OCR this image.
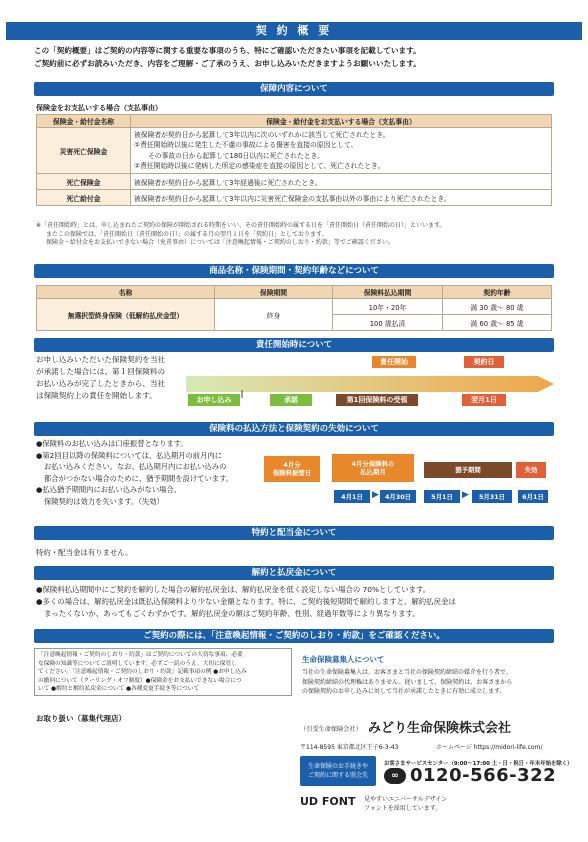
契 約 概 要
この「契約概要」はご契約の内容等に関する重要な事項のうち、特にご確認いただきたい事項を記載しています。
ご契約前に必ずお読みいただき、内容をご理解・ご了承のうえ、お申し込みいただきますようお願いいたします。
保障内容について
保険金をお支払いする場合（支払事由）
保険金・給付金名称	保険金・給付金をお支払いする場合（支払事由）
災害死亡保険金	被保険者が契約日から起算して3年以内に次のいずれかに該当して死亡されたとき。
①責任開始時以後に発生した不慮の事故による傷害を直接の原因として、
その事故の日から起算して180日以内に死亡されたとき。
②責任開始時以後に発病した所定の感染症を直接の原因として、死亡されたとき。

死亡保険金	被保険者が契約日から起算して3年経過後に死亡されたとき。
死亡給付金	被保険者が契約日から起算して3年以内に災害死亡保険金の支払事由以外の事由により死亡されたとき。
※「責任開始時」とは、申し込まれたご契約の保障が開始される時期をいい、その責任開始時の属する日を「責任開始日（責任開始の日）」といいます。
またこの保険では、「責任開始日（責任開始の日）」の属する月の翌月１日を「契約日」としております。
保険金・給付金をお支払いできない場合（免責事由）については「注意喚起情報・ご契約のしおり・約款」等でご確認ください。
商品名称・保険期間・契約年齢などについて
名称	保険期間	保険料払込期間	契約年齢
無選択型終身保険（低解約払戻金型）	終身	10年・20年	満 30 歳〜 80 歳
		100 歳払済	満 60 歳〜 85 歳
責任開始時について
お申し込みいただいた保険契約を当社
が承諾した場合には、第１回保険料の
お払い込みが完了したときから、当社
は保険契約上の責任を開始します。	お申し込み	承諾	第1回保険料の受領
責任開始	契約日
翌月1日
保険料の払込方法と保険契約の失効について
●保険料のお払い込みは口座振替となります。
●第2回目以降の保険料については、払込期月の前月内に
お払い込みください。なお、払込期月内にお払い込みの
都合がつかない場合のために、猶予期間を設けています。
●払込猶予期間内にお払い込みがない場合、
保険契約は効力を失います。（失効）
4月分
保険料振替日
4月分保険料の
払込期月	猶予期間	失効
4月1日	▶ 4月30日	5月1日	▶	5月31日	6月1日
特約と配当金について
特約・配当金は有りません。
解約と払戻金について
●保険料払込期間中にご契約を解約した場合の解約払戻金は、解約払戻金を低く設定しない場合の 70%としています。
●多くの場合は、解約払戻金は既払込保険料より少ない金額となります。特に、ご契約後短期間で解約しますと、解約払戻金は
まったくないか、あってもごくわずかです。解約払戻金の額はご契約年齢、性別、経過年数等により異なります。
ご契約の際には、「注意喚起情報・ご契約のしおり・約款」をご確認ください。
「注意喚起情報・ご契約のしおり・約款」はご契約についての大切な事項、必要
な保険の知識等についてご説明しています。必ずご一読のうえ、大切に保管し
てください。「注意喚起情報・ご契約のしおり・約款」記載事項の例 ●お申し込み
の撤回について（クーリング・オフ制度）●保険金をお支払いできない場合につ
いて ●解約と解約払戻金について ●各種変更手続き等について
生命保険募集人について
当社の生命保険募集人は、お客さまと当社の保険契約締結の媒介を行う者で、
保険契約締結の代理権はありません。従いまして、保険契約は、お客さまから
の保険契約のお申し込みに対して当社が承諾したときに有効に成立します。
お取り扱い（募集代理店）
（引受生命保険会社） みどり生命保険株式会社
〒114-8595 東京都北区王子6-3-43	ホームページ https://midori-life.com/
生命保険のお手続きや
ご契約に関する照会先
お客さまサービスセンター（9:00〜17:00 土・日・祝日・年末年始を除く）
∞ 0120-566-322
UD FONT 見やすいユニバーサルデザイン
フォントを採用しています。
